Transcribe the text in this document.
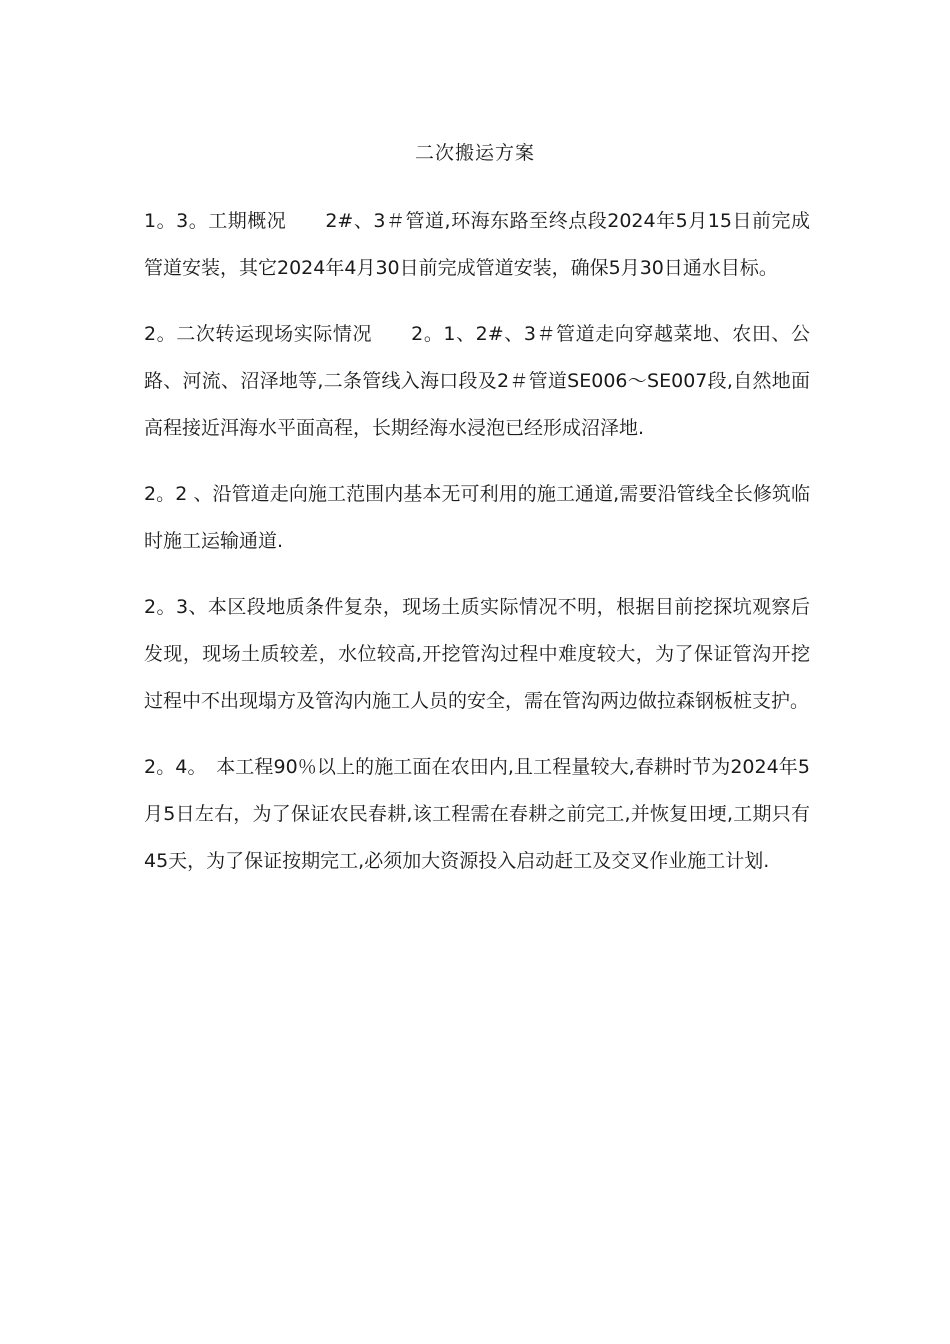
二次搬运方案

1。3。工期概况　　2#、3＃管道,环海东路至终点段2024年5月15日前完成管道安装，其它2024年4月30日前完成管道安装，确保5月30日通水目标。

2。二次转运现场实际情况　　2。1、2#、3＃管道走向穿越菜地、农田、公路、河流、沼泽地等,二条管线入海口段及2＃管道SE006～SE007段,自然地面高程接近洱海水平面高程，长期经海水浸泡已经形成沼泽地.

2。2 、沿管道走向施工范围内基本无可利用的施工通道,需要沿管线全长修筑临时施工运输通道.

2。3、本区段地质条件复杂，现场土质实际情况不明，根据目前挖探坑观察后发现，现场土质较差，水位较高,开挖管沟过程中难度较大，为了保证管沟开挖过程中不出现塌方及管沟内施工人员的安全，需在管沟两边做拉森钢板桩支护。

2。4。　本工程90％以上的施工面在农田内,且工程量较大,春耕时节为2024年5月5日左右，为了保证农民春耕,该工程需在春耕之前完工,并恢复田埂,工期只有45天，为了保证按期完工,必须加大资源投入启动赶工及交叉作业施工计划.
